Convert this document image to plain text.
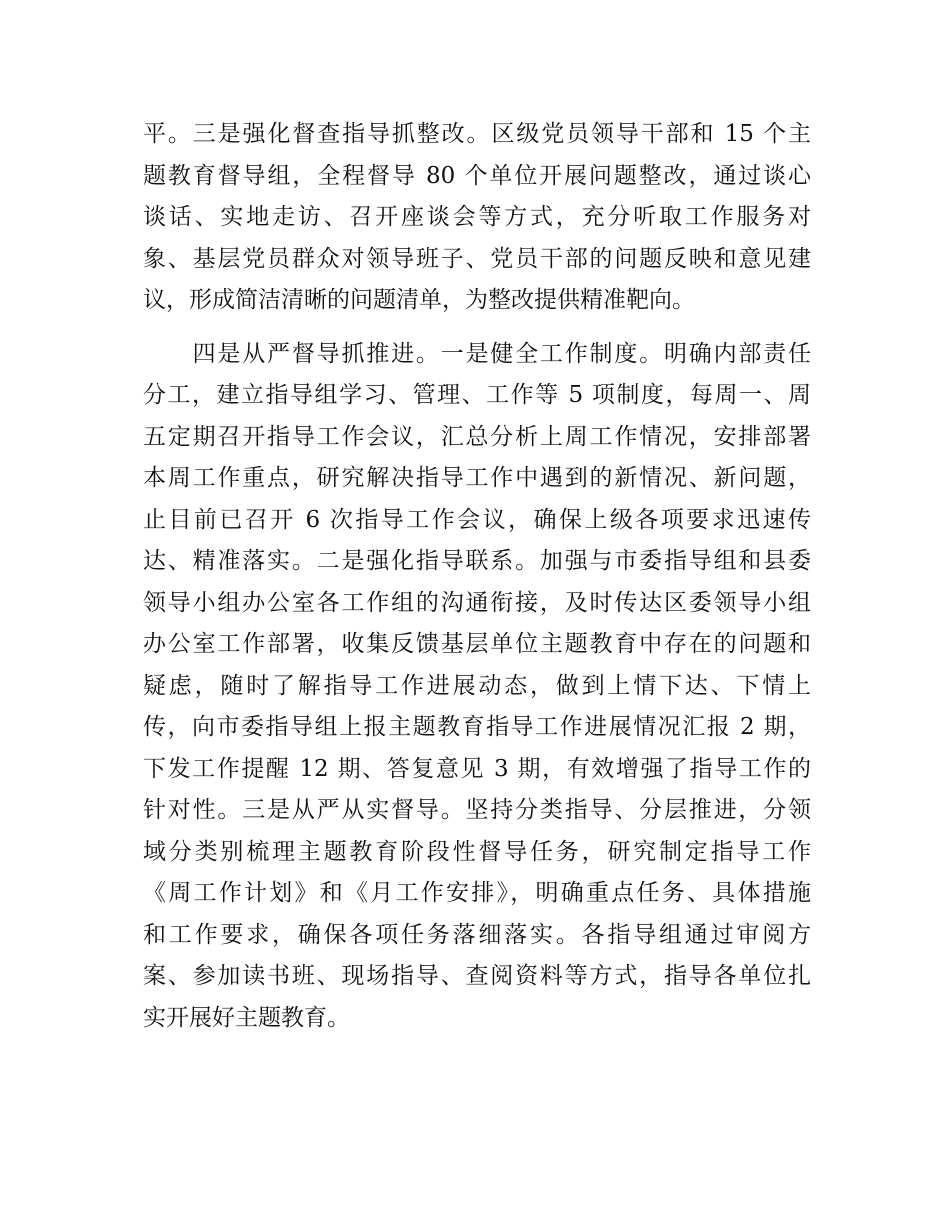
平。三是强化督查指导抓整改。区级党员领导干部和 15 个主
题教育督导组，全程督导 80 个单位开展问题整改，通过谈心
谈话、实地走访、召开座谈会等方式，充分听取工作服务对
象、基层党员群众对领导班子、党员干部的问题反映和意见建
议，形成简洁清晰的问题清单，为整改提供精准靶向。
　　四是从严督导抓推进。一是健全工作制度。明确内部责任
分工，建立指导组学习、管理、工作等 5 项制度，每周一、周
五定期召开指导工作会议，汇总分析上周工作情况，安排部署
本周工作重点，研究解决指导工作中遇到的新情况、新问题，
止目前已召开 6 次指导工作会议，确保上级各项要求迅速传
达、精准落实。二是强化指导联系。加强与市委指导组和县委
领导小组办公室各工作组的沟通衔接，及时传达区委领导小组
办公室工作部署，收集反馈基层单位主题教育中存在的问题和
疑虑，随时了解指导工作进展动态，做到上情下达、下情上
传，向市委指导组上报主题教育指导工作进展情况汇报 2 期，
下发工作提醒 12 期、答复意见 3 期，有效增强了指导工作的
针对性。三是从严从实督导。坚持分类指导、分层推进，分领
域分类别梳理主题教育阶段性督导任务，研究制定指导工作
《周工作计划》和《月工作安排》，明确重点任务、具体措施
和工作要求，确保各项任务落细落实。各指导组通过审阅方
案、参加读书班、现场指导、查阅资料等方式，指导各单位扎
实开展好主题教育。
